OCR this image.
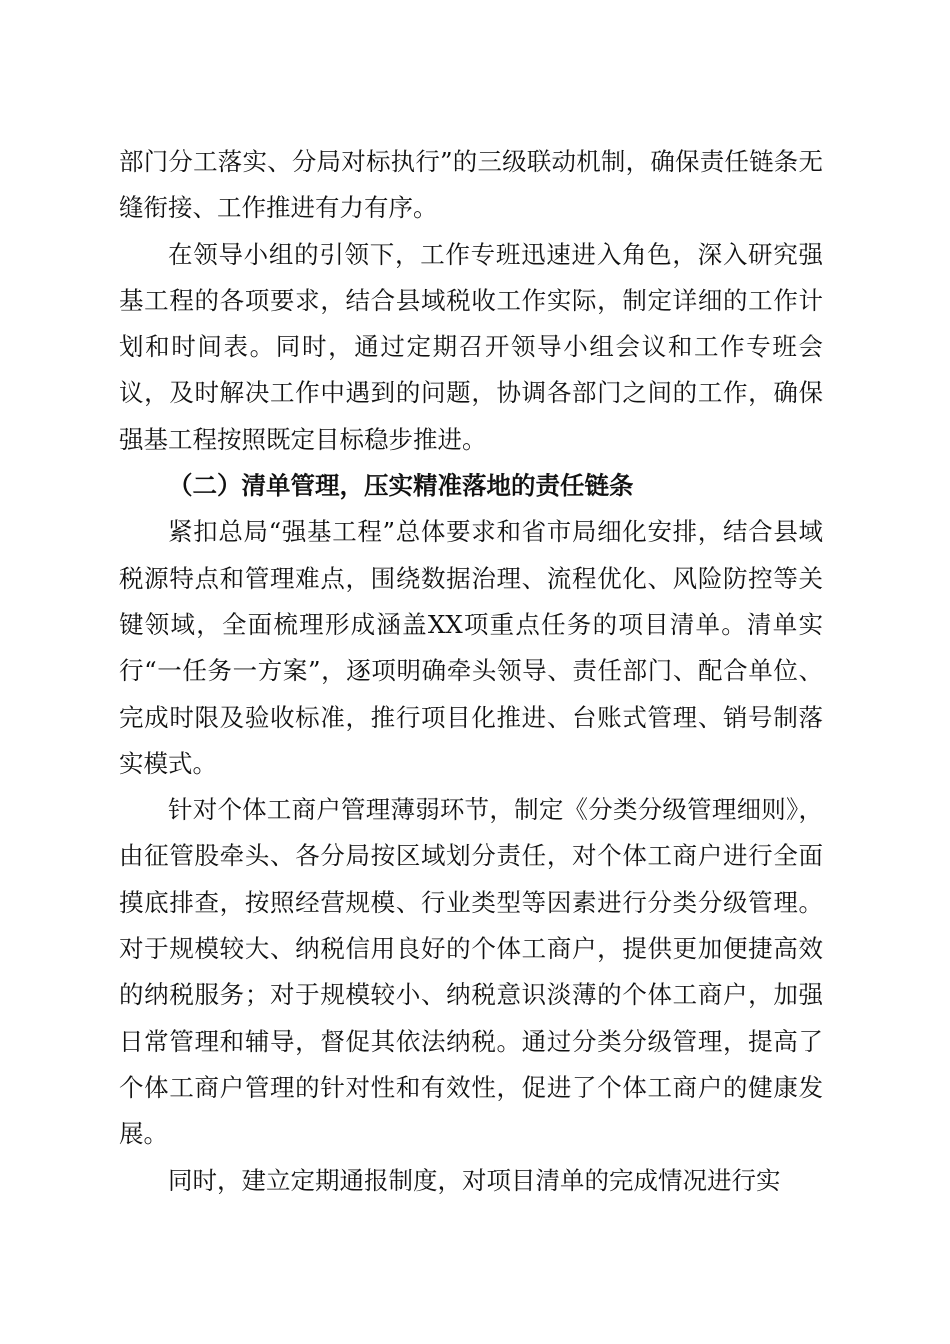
部门分工落实、分局对标执行”的三级联动机制，确保责任链条无缝衔接、工作推进有力有序。

在领导小组的引领下，工作专班迅速进入角色，深入研究强基工程的各项要求，结合县域税收工作实际，制定详细的工作计划和时间表。同时，通过定期召开领导小组会议和工作专班会议，及时解决工作中遇到的问题，协调各部门之间的工作，确保强基工程按照既定目标稳步推进。

（二）清单管理，压实精准落地的责任链条

紧扣总局“强基工程”总体要求和省市局细化安排，结合县域税源特点和管理难点，围绕数据治理、流程优化、风险防控等关键领域，全面梳理形成涵盖XX项重点任务的项目清单。清单实行“一任务一方案”，逐项明确牵头领导、责任部门、配合单位、完成时限及验收标准，推行项目化推进、台账式管理、销号制落实模式。

针对个体工商户管理薄弱环节，制定《分类分级管理细则》，由征管股牵头、各分局按区域划分责任，对个体工商户进行全面摸底排查，按照经营规模、行业类型等因素进行分类分级管理。对于规模较大、纳税信用良好的个体工商户，提供更加便捷高效的纳税服务；对于规模较小、纳税意识淡薄的个体工商户，加强日常管理和辅导，督促其依法纳税。通过分类分级管理，提高了个体工商户管理的针对性和有效性，促进了个体工商户的健康发展。

同时，建立定期通报制度，对项目清单的完成情况进行实
